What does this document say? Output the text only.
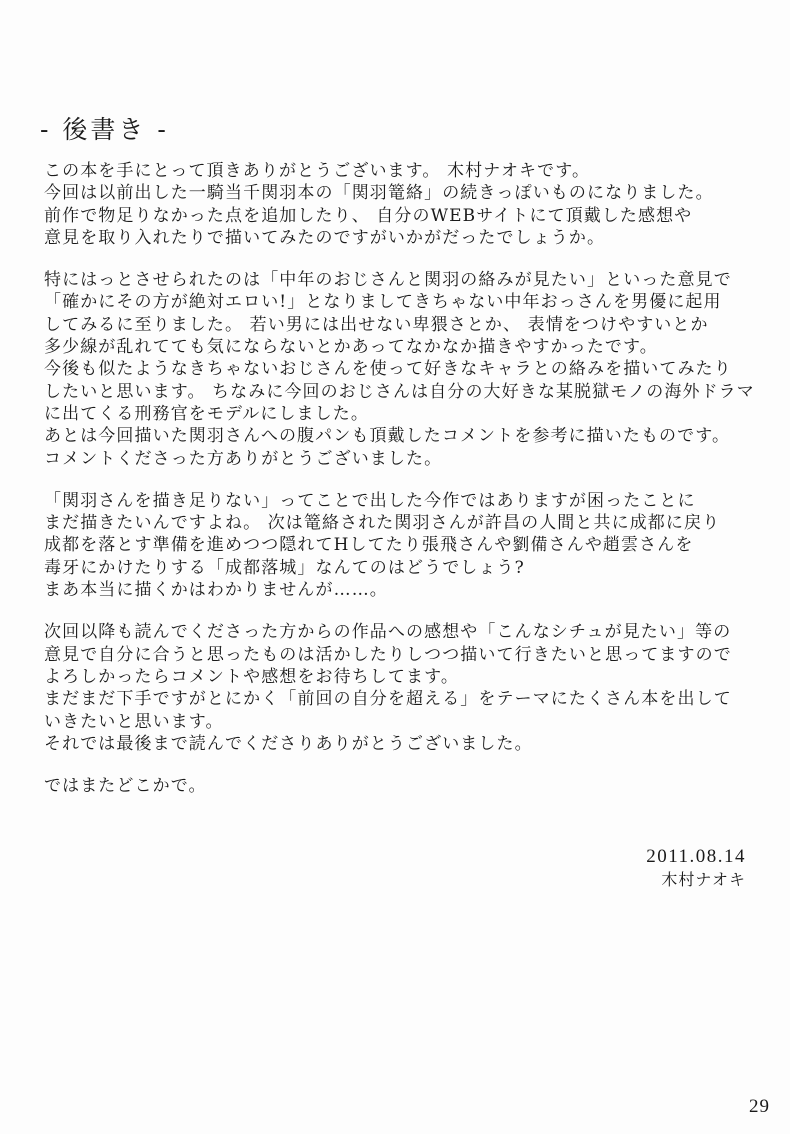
- 後書き -

この本を手にとって頂きありがとうございます。 木村ナオキです。
今回は以前出した一騎当千関羽本の「関羽篭絡」の続きっぽいものになりました。
前作で物足りなかった点を追加したり、 自分のWEBサイトにて頂戴した感想や
意見を取り入れたりで描いてみたのですがいかがだったでしょうか。

特にはっとさせられたのは「中年のおじさんと関羽の絡みが見たい」といった意見で
「確かにその方が絶対エロい!」となりましてきちゃない中年おっさんを男優に起用
してみるに至りました。 若い男には出せない卑猥さとか、 表情をつけやすいとか
多少線が乱れてても気にならないとかあってなかなか描きやすかったです。
今後も似たようなきちゃないおじさんを使って好きなキャラとの絡みを描いてみたり
したいと思います。 ちなみに今回のおじさんは自分の大好きな某脱獄モノの海外ドラマ
に出てくる刑務官をモデルにしました。
あとは今回描いた関羽さんへの腹パンも頂戴したコメントを参考に描いたものです。
コメントくださった方ありがとうございました。

「関羽さんを描き足りない」ってことで出した今作ではありますが困ったことに
まだ描きたいんですよね。 次は篭絡された関羽さんが許昌の人間と共に成都に戻り
成都を落とす準備を進めつつ隠れてHしてたり張飛さんや劉備さんや趙雲さんを
毒牙にかけたりする「成都落城」なんてのはどうでしょう?
まあ本当に描くかはわかりませんが……。

次回以降も読んでくださった方からの作品への感想や「こんなシチュが見たい」等の
意見で自分に合うと思ったものは活かしたりしつつ描いて行きたいと思ってますので
よろしかったらコメントや感想をお待ちしてます。
まだまだ下手ですがとにかく「前回の自分を超える」をテーマにたくさん本を出して
いきたいと思います。
それでは最後まで読んでくださりありがとうございました。

ではまたどこかで。

2011.08.14
木村ナオキ
29
